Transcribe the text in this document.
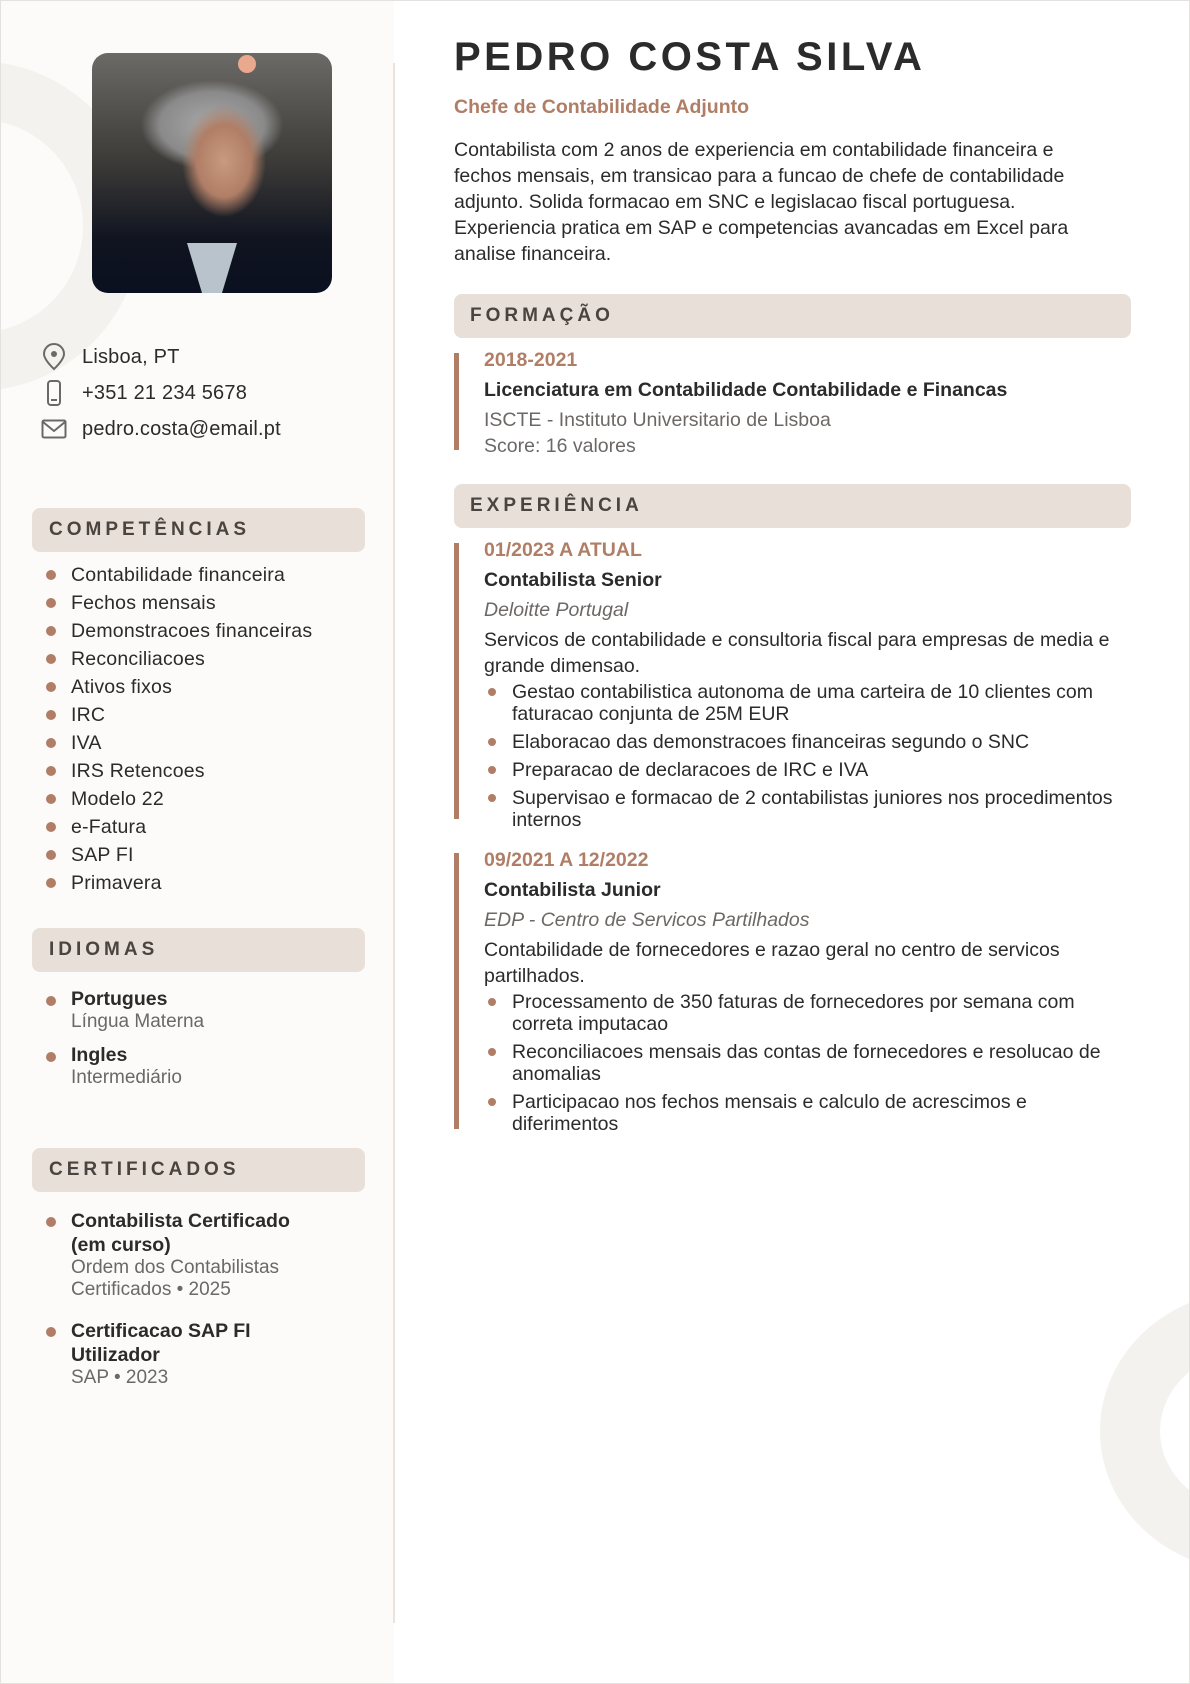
Lisboa, PT
+351 21 234 5678
pedro.costa@email.pt
COMPETÊNCIAS
Contabilidade financeira
Fechos mensais
Demonstracoes financeiras
Reconciliacoes
Ativos fixos
IRC
IVA
IRS Retencoes
Modelo 22
e-Fatura
SAP FI
Primavera
IDIOMAS
Portugues
Língua Materna
Ingles
Intermediário
CERTIFICADOS
Contabilista Certificado (em curso)
Ordem dos Contabilistas Certificados • 2025
Certificacao SAP FI Utilizador
SAP • 2023
PEDRO COSTA SILVA
Chefe de Contabilidade Adjunto
Contabilista com 2 anos de experiencia em contabilidade financeira e fechos mensais, em transicao para a funcao de chefe de contabilidade adjunto. Solida formacao em SNC e legislacao fiscal portuguesa. Experiencia pratica em SAP e competencias avancadas em Excel para analise financeira.
FORMAÇÃO
2018-2021
Licenciatura em Contabilidade Contabilidade e Financas
ISCTE - Instituto Universitario de Lisboa
Score: 16 valores
EXPERIÊNCIA
01/2023 A ATUAL
Contabilista Senior
Deloitte Portugal
Servicos de contabilidade e consultoria fiscal para empresas de media e grande dimensao.
Gestao contabilistica autonoma de uma carteira de 10 clientes com faturacao conjunta de 25M EUR
Elaboracao das demonstracoes financeiras segundo o SNC
Preparacao de declaracoes de IRC e IVA
Supervisao e formacao de 2 contabilistas juniores nos procedimentos internos
09/2021 A 12/2022
Contabilista Junior
EDP - Centro de Servicos Partilhados
Contabilidade de fornecedores e razao geral no centro de servicos partilhados.
Processamento de 350 faturas de fornecedores por semana com correta imputacao
Reconciliacoes mensais das contas de fornecedores e resolucao de anomalias
Participacao nos fechos mensais e calculo de acrescimos e diferimentos
